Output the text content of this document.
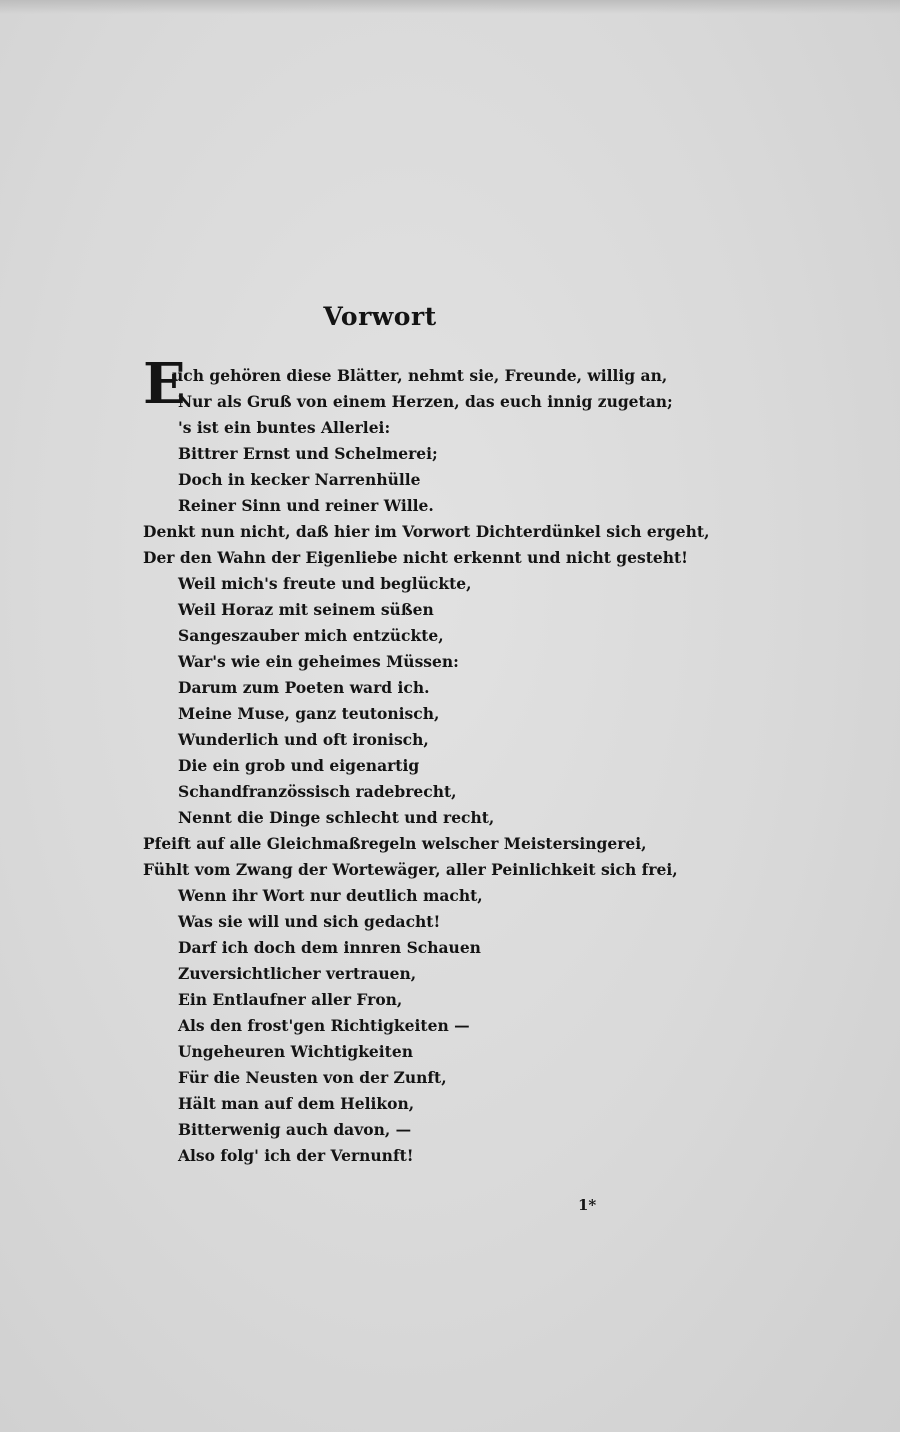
Vorwort
E
uch gehören diese Blätter, nehmt sie, Freunde, willig an,
Nur als Gruß von einem Herzen, das euch innig zugetan;
's ist ein buntes Allerlei:
Bittrer Ernst und Schelmerei;
Doch in kecker Narrenhülle
Reiner Sinn und reiner Wille.
Denkt nun nicht, daß hier im Vorwort Dichterdünkel sich ergeht,
Der den Wahn der Eigenliebe nicht erkennt und nicht gesteht!
Weil mich's freute und beglückte,
Weil Horaz mit seinem süßen
Sangeszauber mich entzückte,
War's wie ein geheimes Müssen:
Darum zum Poeten ward ich.
Meine Muse, ganz teutonisch,
Wunderlich und oft ironisch,
Die ein grob und eigenartig
Schandfranzössisch radebrecht,
Nennt die Dinge schlecht und recht,
Pfeift auf alle Gleichmaßregeln welscher Meistersingerei,
Fühlt vom Zwang der Wortewäger, aller Peinlichkeit sich frei,
Wenn ihr Wort nur deutlich macht,
Was sie will und sich gedacht!
Darf ich doch dem innren Schauen
Zuversichtlicher vertrauen,
Ein Entlaufner aller Fron,
Als den frost'gen Richtigkeiten —
Ungeheuren Wichtigkeiten
Für die Neusten von der Zunft,
Hält man auf dem Helikon,
Bitterwenig auch davon, —
Also folg' ich der Vernunft!
1*
